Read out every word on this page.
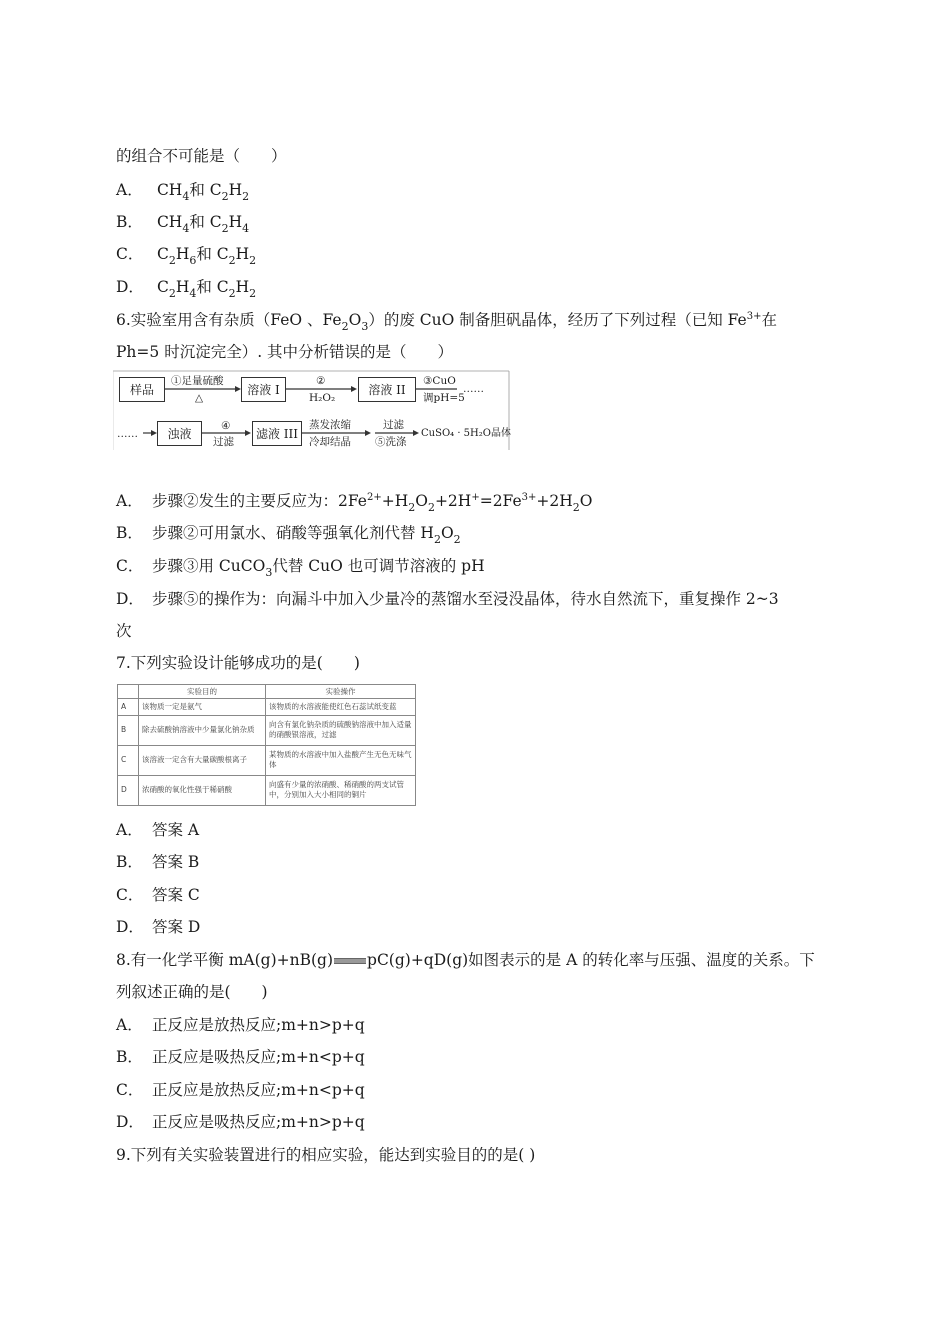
的组合不可能是（　　）
A． $CH_4$和 $C_2H_2$
B． $CH_4$和 $C_2H_4$
C． $C_2H_6$和 $C_2H_2$
D． $C_2H_4$和 $C_2H_2$
6.实验室用含有杂质（FeO 、$Fe_2O_3$）的废 CuO 制备胆矾晶体，经历了下列过程（已知 $Fe^{3+}$在
Ph=5 时沉淀完全）. 其中分析错误的是（　　）
样品
①足量硫酸
△
溶液 I
②
H₂O₂
溶液 II
③CuO
调pH=5
……
……	浊液
④
过滤
滤液 III
蒸发浓缩
冷却结晶
过滤
⑤洗涤
CuSO₄ · 5H₂O晶体
A． 步骤②发生的主要反应为：$2Fe^{2+}+H_2O_2+2H^+=2Fe^{3+}+2H_2O$
B． 步骤②可用氯水、硝酸等强氧化剂代替 $H_2O_2$
C． 步骤③用 CuCO$_3$代替 CuO 也可调节溶液的 pH
D． 步骤⑤的操作为：向漏斗中加入少量冷的蒸馏水至浸没晶体，待水自然流下，重复操作 2~3
次
7.下列实验设计能够成功的是(　　)
	实验目的	实验操作
A	该物质一定是氨气	该物质的水溶液能使红色石蕊试纸变蓝
B	除去硫酸钠溶液中少量氯化钠杂质	向含有氯化钠杂质的硫酸钠溶液中加入适量的硝酸银溶液，过滤
C	该溶液一定含有大量碳酸根离子	某物质的水溶液中加入盐酸产生无色无味气体
D	浓硝酸的氧化性强于稀硝酸	向盛有少量的浓硝酸、稀硝酸的两支试管中，分别加入大小相同的铜片
A． 答案 A
B． 答案 B
C． 答案 C
D． 答案 D
8.有一化学平衡 mA(g)+nB(g) pC(g)+qD(g)如图表示的是 A 的转化率与压强、温度的关系。下
列叙述正确的是(　　)
A． 正反应是放热反应;m+n>p+q
B． 正反应是吸热反应;m+n<p+q
C． 正反应是放热反应;m+n<p+q
D． 正反应是吸热反应;m+n>p+q
9.下列有关实验装置进行的相应实验，能达到实验目的的是( )
